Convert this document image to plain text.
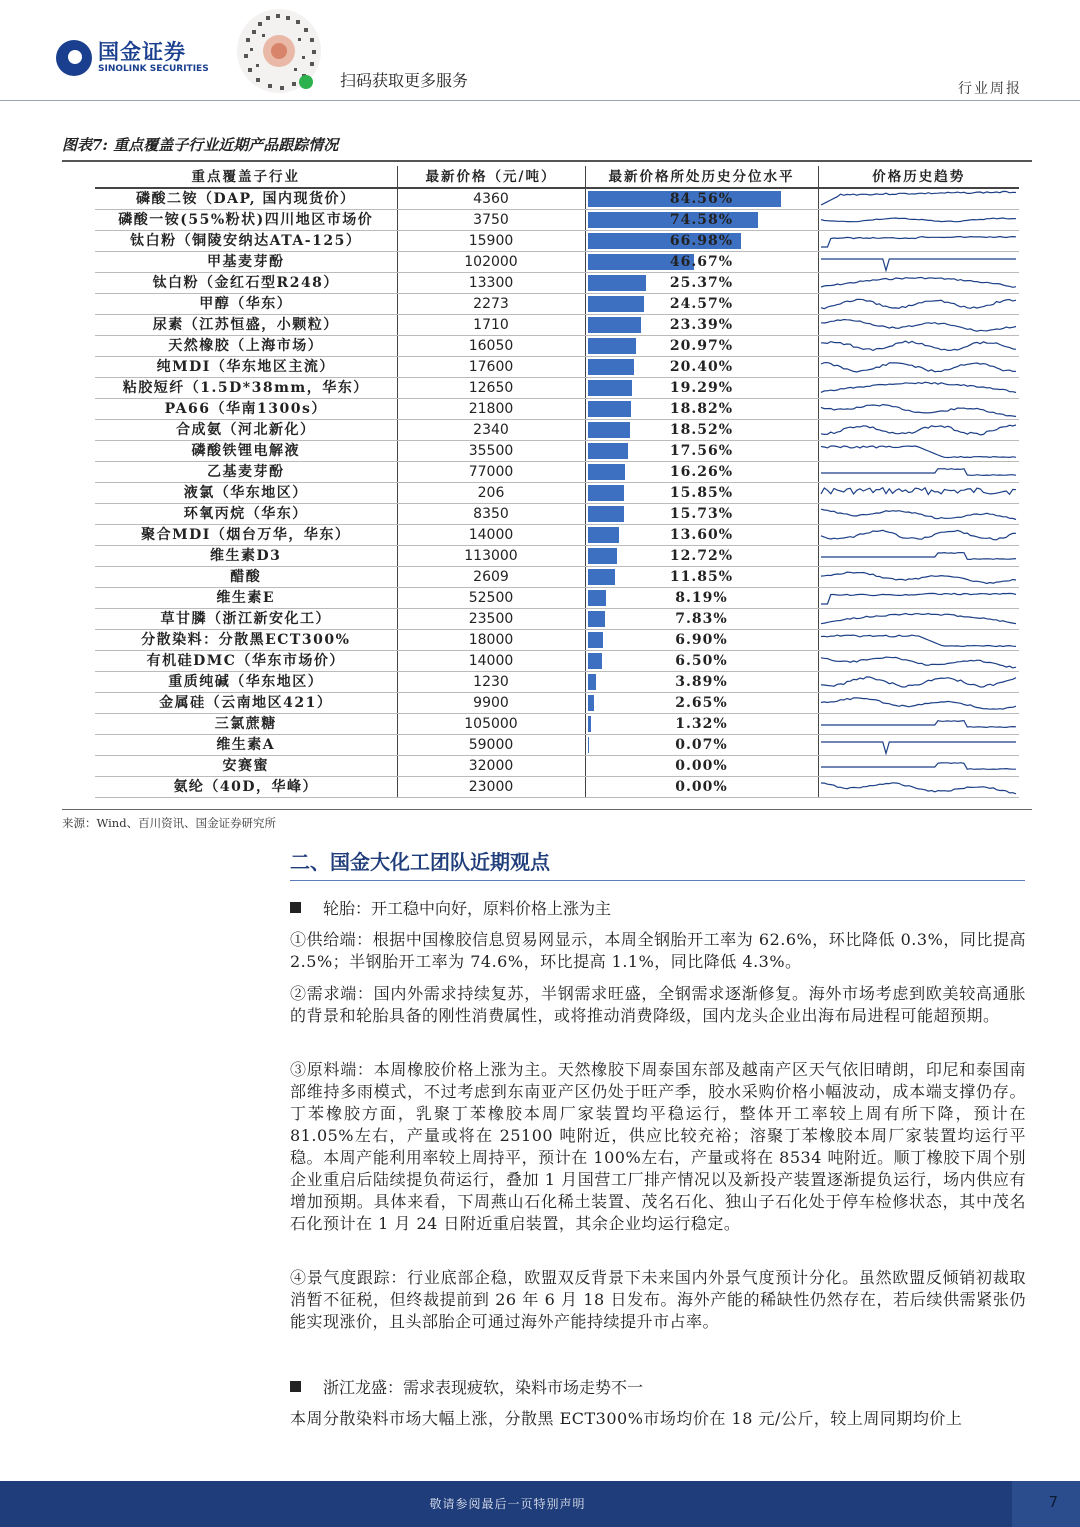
国金证券
SINOLINK SECURITIES
扫码获取更多服务	行业周报
图表7: 重点覆盖子行业近期产品跟踪情况
重点覆盖子行业	最新价格（元/吨）	最新价格所处历史分位水平	价格历史趋势
磷酸二铵（DAP, 国内现货价）	4360	84.56%

磷酸一铵(55%粉状)四川地区市场价	3750	74.58%

钛白粉（铜陵安纳达ATA-125）	15900	66.98%

甲基麦芽酚	102000	46.67%

钛白粉（金红石型R248）	13300	25.37%

甲醇（华东）	2273	24.57%

尿素（江苏恒盛，小颗粒）	1710	23.39%

天然橡胶（上海市场）	16050	20.97%

纯MDI（华东地区主流）	17600	20.40%

粘胶短纤（1.5D*38mm，华东）	12650	19.29%

PA66（华南1300s）	21800	18.82%

合成氨（河北新化）	2340	18.52%

磷酸铁锂电解液	35500	17.56%

乙基麦芽酚	77000	16.26%

液氯（华东地区）	206	15.85%

环氧丙烷（华东）	8350	15.73%

聚合MDI（烟台万华，华东）	14000	13.60%

维生素D3	113000	12.72%

醋酸	2609	11.85%

维生素E	52500	8.19%

草甘膦（浙江新安化工）	23500	7.83%

分散染料：分散黑ECT300%	18000	6.90%

有机硅DMC（华东市场价）	14000	6.50%

重质纯碱（华东地区）	1230	3.89%

金属硅（云南地区421）	9900	2.65%

三氯蔗糖	105000	1.32%

维生素A	59000	0.07%

安赛蜜	32000	0.00%

氨纶（40D，华峰）	23000	0.00%

来源：Wind、百川资讯、国金证券研究所
二、国金大化工团队近期观点
轮胎：开工稳中向好，原料价格上涨为主
①供给端：根据中国橡胶信息贸易网显示，本周全钢胎开工率为 62.6%，环比降低 0.3%，同比提高 2.5%；半钢胎开工率为 74.6%，环比提高 1.1%，同比降低 4.3%。
②需求端：国内外需求持续复苏，半钢需求旺盛，全钢需求逐渐修复。海外市场考虑到欧美较高通胀的背景和轮胎具备的刚性消费属性，或将推动消费降级，国内龙头企业出海布局进程可能超预期。
③原料端：本周橡胶价格上涨为主。天然橡胶下周泰国东部及越南产区天气依旧晴朗，印尼和泰国南部维持多雨模式，不过考虑到东南亚产区仍处于旺产季，胶水采购价格小幅波动，成本端支撑仍存。丁苯橡胶方面，乳聚丁苯橡胶本周厂家装置均平稳运行，整体开工率较上周有所下降，预计在 81.05%左右，产量或将在 25100 吨附近，供应比较充裕；溶聚丁苯橡胶本周厂家装置均运行平稳。本周产能利用率较上周持平，预计在 100%左右，产量或将在 8534 吨附近。顺丁橡胶下周个别企业重启后陆续提负荷运行，叠加 1 月国营工厂排产情况以及新投产装置逐渐提负运行，场内供应有增加预期。具体来看，下周燕山石化稀土装置、茂名石化、独山子石化处于停车检修状态，其中茂名石化预计在 1 月 24 日附近重启装置，其余企业均运行稳定。
④景气度跟踪：行业底部企稳，欧盟双反背景下未来国内外景气度预计分化。虽然欧盟反倾销初裁取消暂不征税，但终裁提前到 26 年 6 月 18 日发布。海外产能的稀缺性仍然存在，若后续供需紧张仍能实现涨价，且头部胎企可通过海外产能持续提升市占率。
浙江龙盛：需求表现疲软，染料市场走势不一
本周分散染料市场大幅上涨，分散黑 ECT300%市场均价在 18 元/公斤，较上周同期均价上
敬请参阅最后一页特别声明	7
